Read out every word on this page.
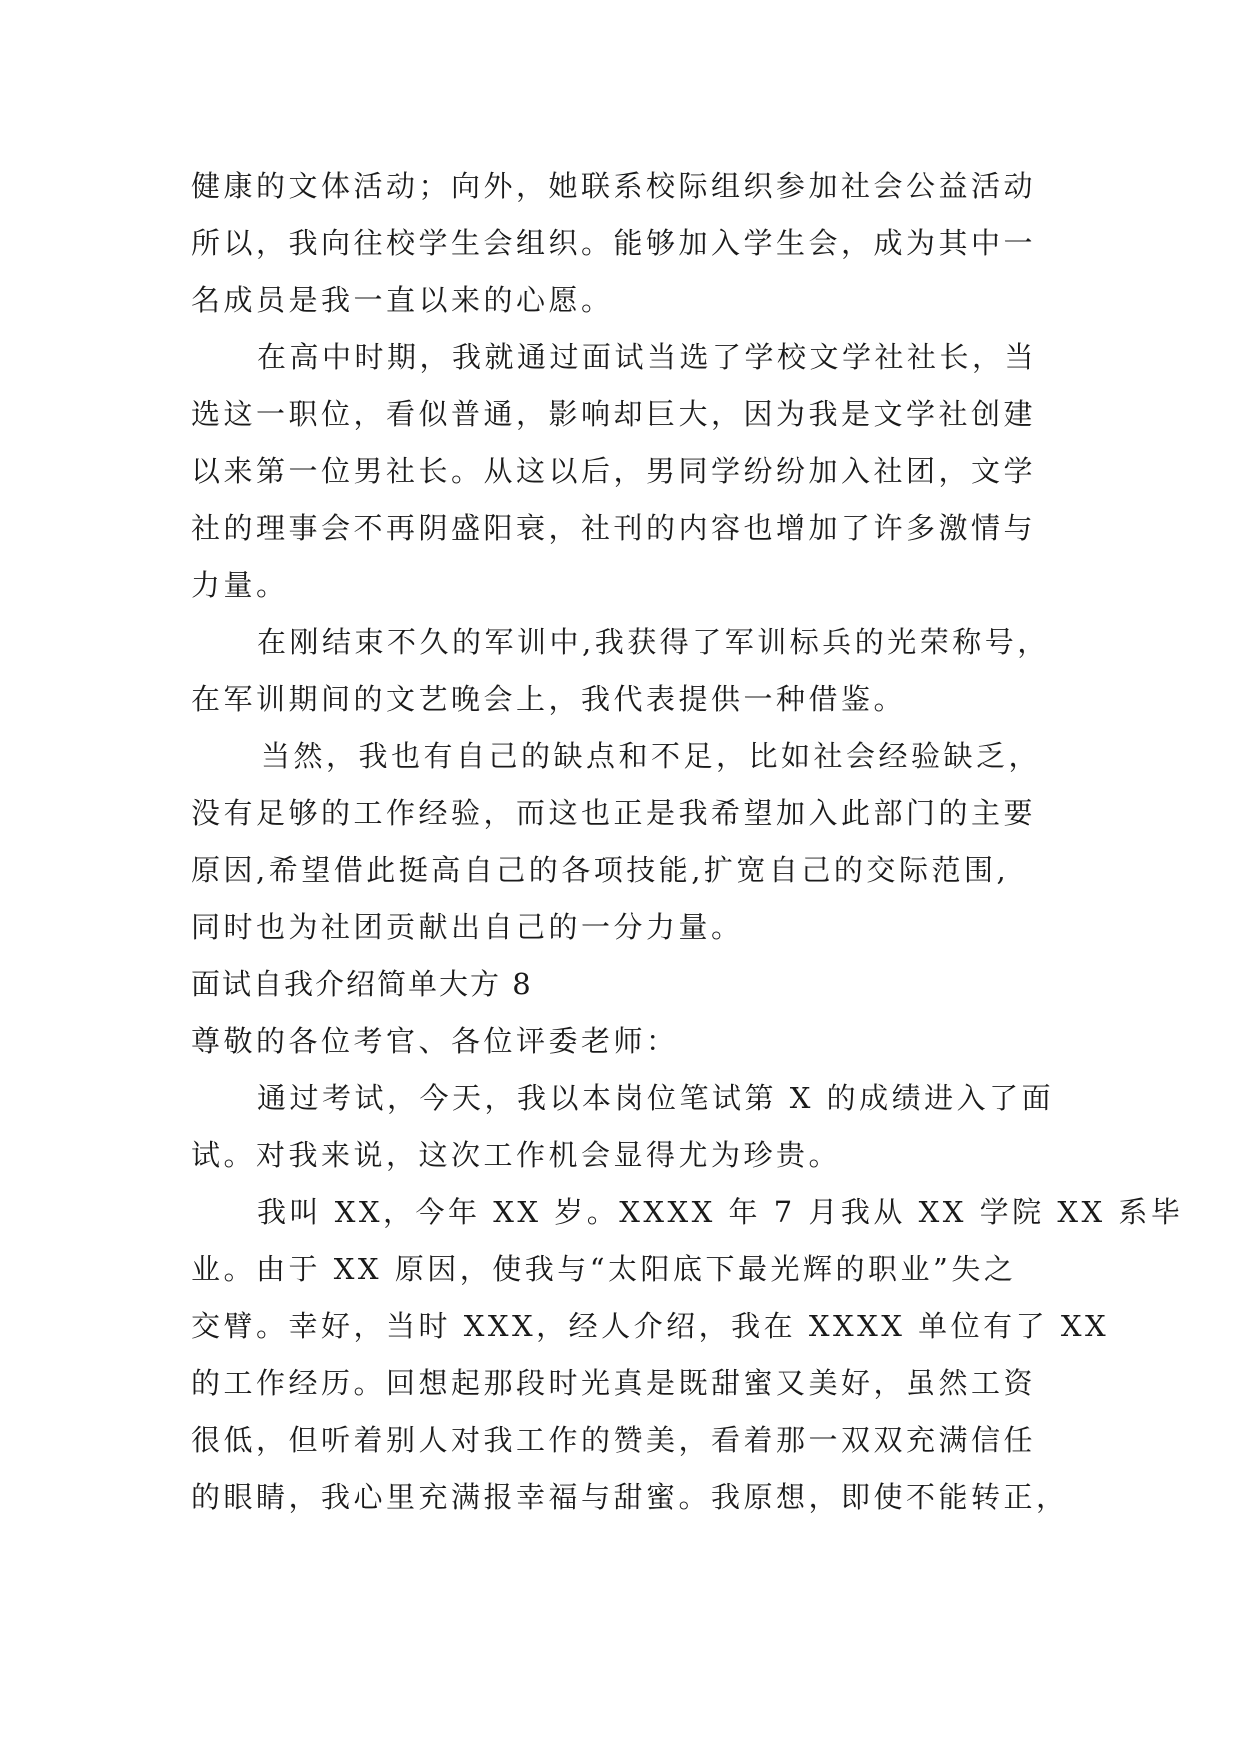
健康的文体活动；向外，她联系校际组织参加社会公益活动
所以，我向往校学生会组织。能够加入学生会，成为其中一
名成员是我一直以来的心愿。
在高中时期，我就通过面试当选了学校文学社社长，当
选这一职位，看似普通，影响却巨大，因为我是文学社创建
以来第一位男社长。从这以后，男同学纷纷加入社团，文学
社的理事会不再阴盛阳衰，社刊的内容也增加了许多激情与
力量。
在刚结束不久的军训中,我获得了军训标兵的光荣称号，
在军训期间的文艺晚会上，我代表提供一种借鉴。
当然，我也有自己的缺点和不足，比如社会经验缺乏，
没有足够的工作经验，而这也正是我希望加入此部门的主要
原因,希望借此挺高自己的各项技能,扩宽自己的交际范围,
同时也为社团贡献出自己的一分力量。
面试自我介绍简单大方 8
尊敬的各位考官、各位评委老师：
通过考试，今天，我以本岗位笔试第 X 的成绩进入了面
试。对我来说，这次工作机会显得尤为珍贵。
我叫 XX，今年 XX 岁。XXXX 年 7 月我从 XX 学院 XX 系毕
业。由于 XX 原因，使我与“太阳底下最光辉的职业”失之
交臂。幸好，当时 XXX，经人介绍，我在 XXXX 单位有了 XX
的工作经历。回想起那段时光真是既甜蜜又美好，虽然工资
很低，但听着别人对我工作的赞美，看着那一双双充满信任
的眼睛，我心里充满报幸福与甜蜜。我原想，即使不能转正，
